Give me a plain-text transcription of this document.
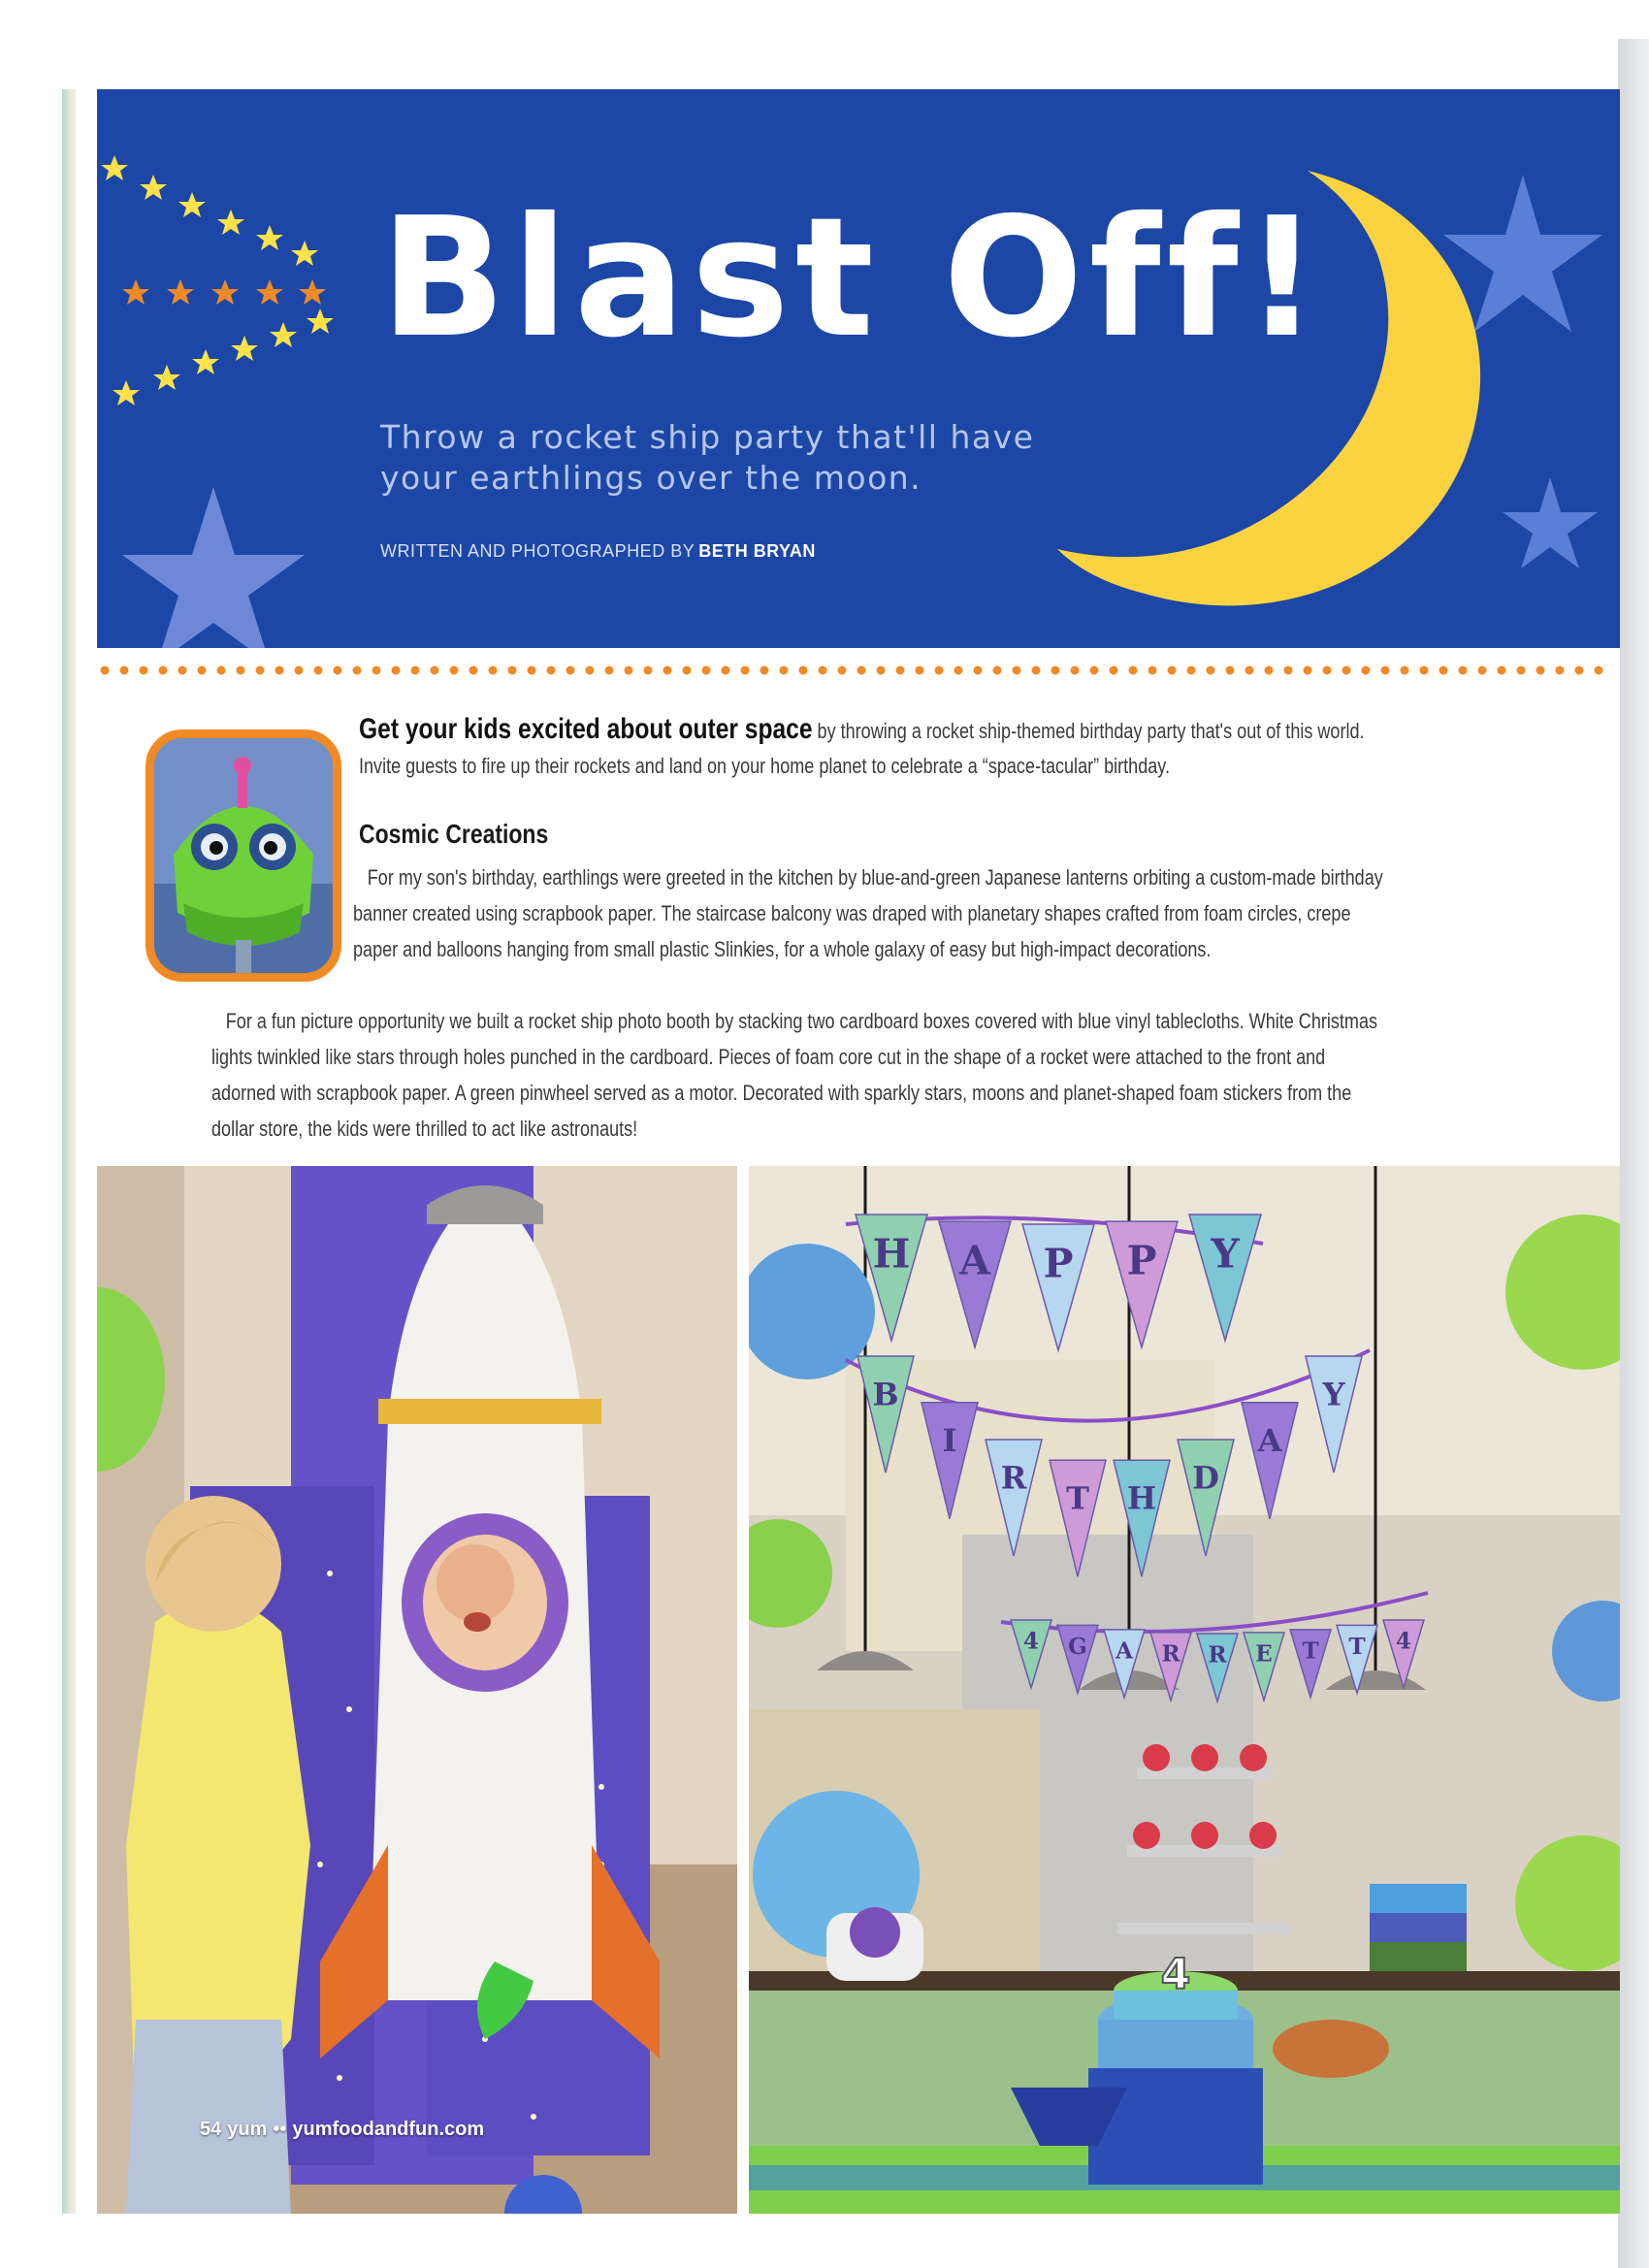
Blast Off!

Throw a rocket ship party that'll have your earthlings over the moon.

WRITTEN AND PHOTOGRAPHED BY BETH BRYAN

Get your kids excited about outer space by throwing a rocket ship-themed birthday party that's out of this world. Invite guests to fire up their rockets and land on your home planet to celebrate a “space-tacular” birthday.

Cosmic Creations

For my son's birthday, earthlings were greeted in the kitchen by blue-and-green Japanese lanterns orbiting a custom-made birthday banner created using scrapbook paper. The staircase balcony was draped with planetary shapes crafted from foam circles, crepe paper and balloons hanging from small plastic Slinkies, for a whole galaxy of easy but high-impact decorations.

For a fun picture opportunity we built a rocket ship photo booth by stacking two cardboard boxes covered with blue vinyl tablecloths. White Christmas lights twinkled like stars through holes punched in the cardboard. Pieces of foam core cut in the shape of a rocket were attached to the front and adorned with scrapbook paper. A green pinwheel served as a motor. Decorated with sparkly stars, moons and planet-shaped foam stickers from the dollar store, the kids were thrilled to act like astronauts!

H A P P Y
B
I
R
T H
D
A
Y
4 G A R R E T T 4
4

54 yum •• yumfoodandfun.com
